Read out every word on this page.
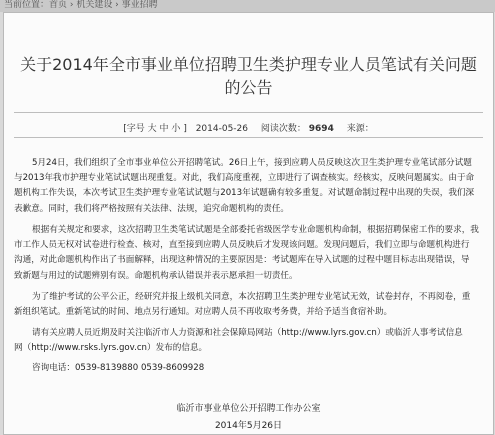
当前位置：首页 › 机关建设 › 事业招聘
关于2014年全市事业单位招聘卫生类护理专业人员笔试有关问题
的公告
[字号 大 中 小 ] 2014-05-26 阅读次数： 9694 来源：

5月24日，我们组织了全市事业单位公开招聘笔试。26日上午，接到应聘人员反映这次卫生类护理专业笔试部分试题
与2013年我市护理专业笔试试题出现重复。对此，我们高度重视，立即进行了调查核实。经核实，反映问题属实。由于命
题机构工作失误，本次考试卫生类护理专业笔试试题与2013年试题确有较多重复。对试题命制过程中出现的失误，我们深
表歉意。同时，我们将严格按照有关法律、法规，追究命题机构的责任。

根据有关规定和要求，这次招聘卫生类笔试试题是全部委托省级医学专业命题机构命制，根据招聘保密工作的要求，我
市工作人员无权对试卷进行检查、核对，直至接到应聘人员反映后才发现该问题。发现问题后，我们立即与命题机构进行
沟通，对此命题机构作出了书面解释，出现这种情况的主要原因是：考试题库在导入试题的过程中题目标志出现错误，导
致新题与用过的试题辨别有误。命题机构承认错误并表示愿承担一切责任。

为了维护考试的公平公正，经研究并报上级机关同意，本次招聘卫生类护理专业笔试无效，试卷封存，不再阅卷，重
新组织笔试。重新笔试的时间、地点另行通知。对应聘人员不再收取考务费，并给予适当食宿补助。

请有关应聘人员近期及时关注临沂市人力资源和社会保障局网站（http://www.lyrs.gov.cn）或临沂人事考试信息
网（http://www.rsks.lyrs.gov.cn）发布的信息。

咨询电话：0539-8139880 0539-8609928

临沂市事业单位公开招聘工作办公室
2014年5月26日
